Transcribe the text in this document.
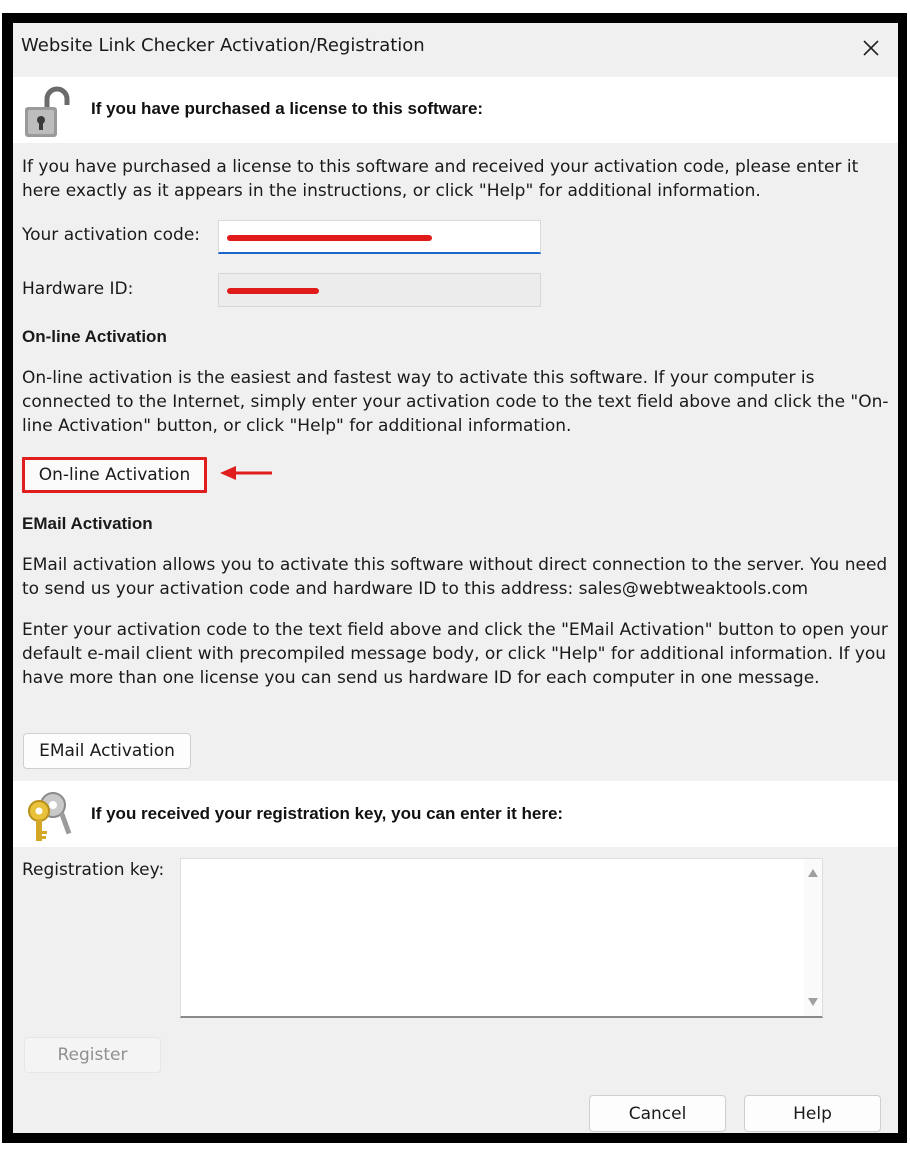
Website Link Checker Activation/Registration
If you have purchased a license to this software:
If you have purchased a license to this software and received your activation code, please enter it here exactly as it appears in the instructions, or click "Help" for additional information.
Your activation code:
Hardware ID:
On-line Activation
On-line activation is the easiest and fastest way to activate this software. If your computer is connected to the Internet, simply enter your activation code to the text field above and click the "On-line Activation" button, or click "Help" for additional information.
On-line Activation
EMail Activation
EMail activation allows you to activate this software without direct connection to the server. You need to send us your activation code and hardware ID to this address: sales@webtweaktools.com
Enter your activation code to the text field above and click the "EMail Activation" button to open your default e-mail client with precompiled message body, or click "Help" for additional information. If you have more than one license you can send us hardware ID for each computer in one message.
EMail Activation
If you received your registration key, you can enter it here:
Registration key:
Register
Cancel	Help
